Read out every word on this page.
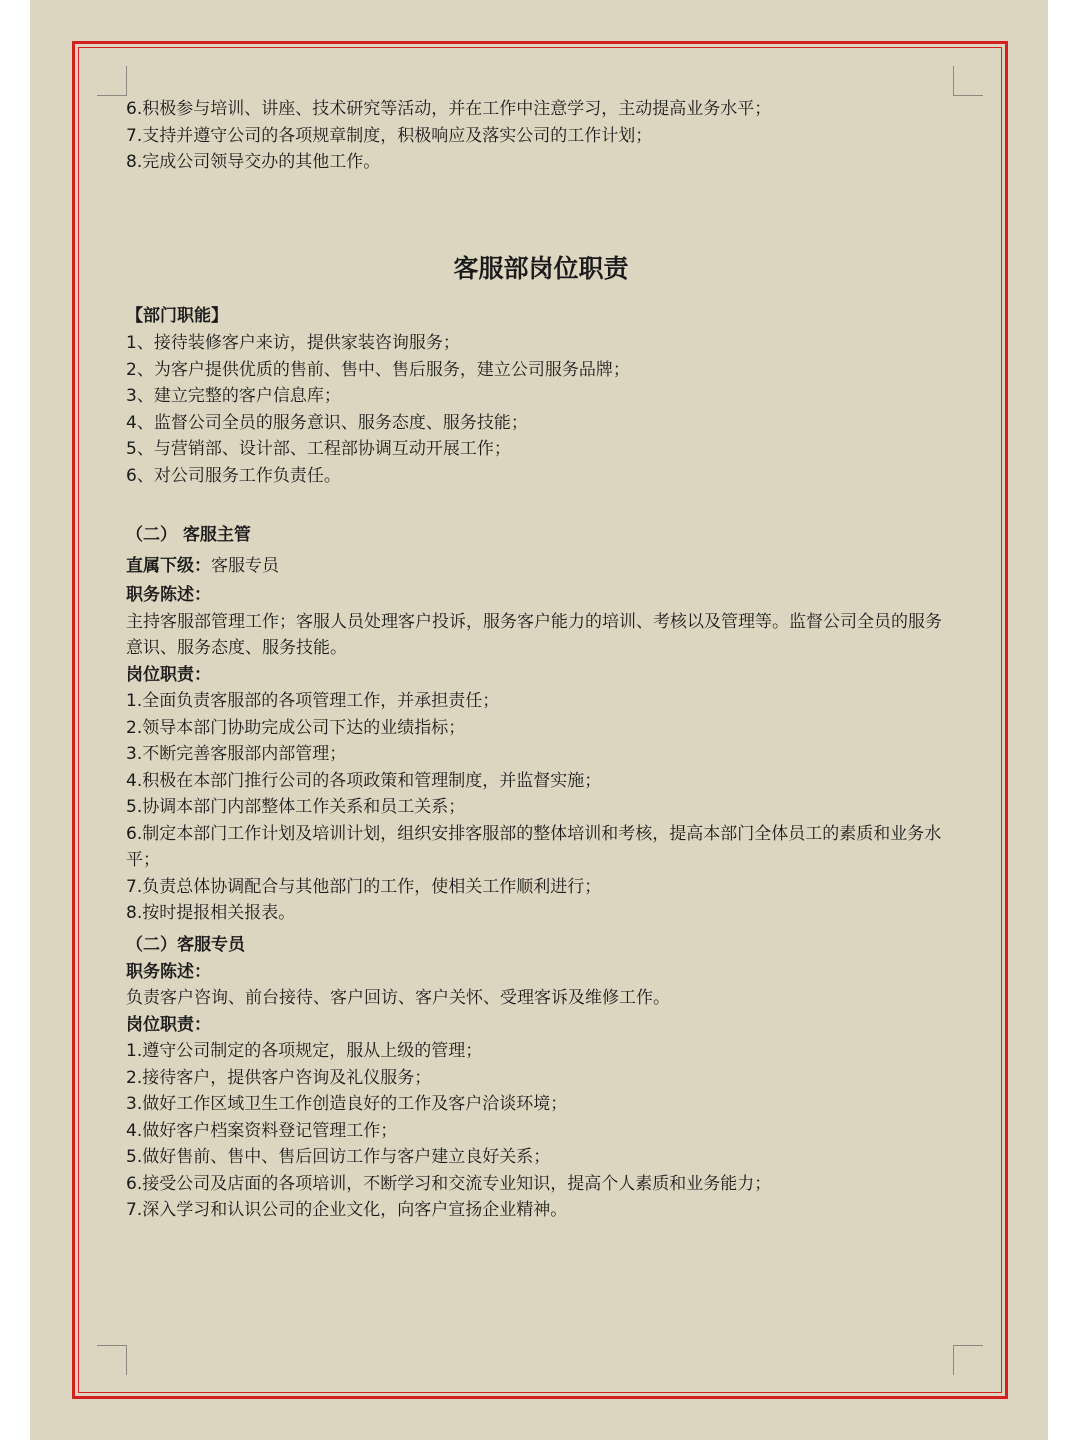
6.积极参与培训、讲座、技术研究等活动，并在工作中注意学习，主动提高业务水平；

7.支持并遵守公司的各项规章制度，积极响应及落实公司的工作计划；

8.完成公司领导交办的其他工作。

客服部岗位职责

【部门职能】

1、接待装修客户来访，提供家装咨询服务；

2、为客户提供优质的售前、售中、售后服务，建立公司服务品牌；

3、建立完整的客户信息库；

4、监督公司全员的服务意识、服务态度、服务技能；

5、与营销部、设计部、工程部协调互动开展工作；

6、对公司服务工作负责任。

（二） 客服主管

直属下级：客服专员

职务陈述：

主持客服部管理工作；客服人员处理客户投诉，服务客户能力的培训、考核以及管理等。监督公司全员的服务意识、服务态度、服务技能。

岗位职责：

1.全面负责客服部的各项管理工作，并承担责任；

2.领导本部门协助完成公司下达的业绩指标；

3.不断完善客服部内部管理；

4.积极在本部门推行公司的各项政策和管理制度，并监督实施；

5.协调本部门内部整体工作关系和员工关系；

6.制定本部门工作计划及培训计划，组织安排客服部的整体培训和考核，提高本部门全体员工的素质和业务水平；

7.负责总体协调配合与其他部门的工作，使相关工作顺利进行；

8.按时提报相关报表。

（二）客服专员

职务陈述：

负责客户咨询、前台接待、客户回访、客户关怀、受理客诉及维修工作。

岗位职责：

1.遵守公司制定的各项规定，服从上级的管理；

2.接待客户，提供客户咨询及礼仪服务；

3.做好工作区域卫生工作创造良好的工作及客户洽谈环境；

4.做好客户档案资料登记管理工作；

5.做好售前、售中、售后回访工作与客户建立良好关系；

6.接受公司及店面的各项培训，不断学习和交流专业知识，提高个人素质和业务能力；

7.深入学习和认识公司的企业文化，向客户宣扬企业精神。
